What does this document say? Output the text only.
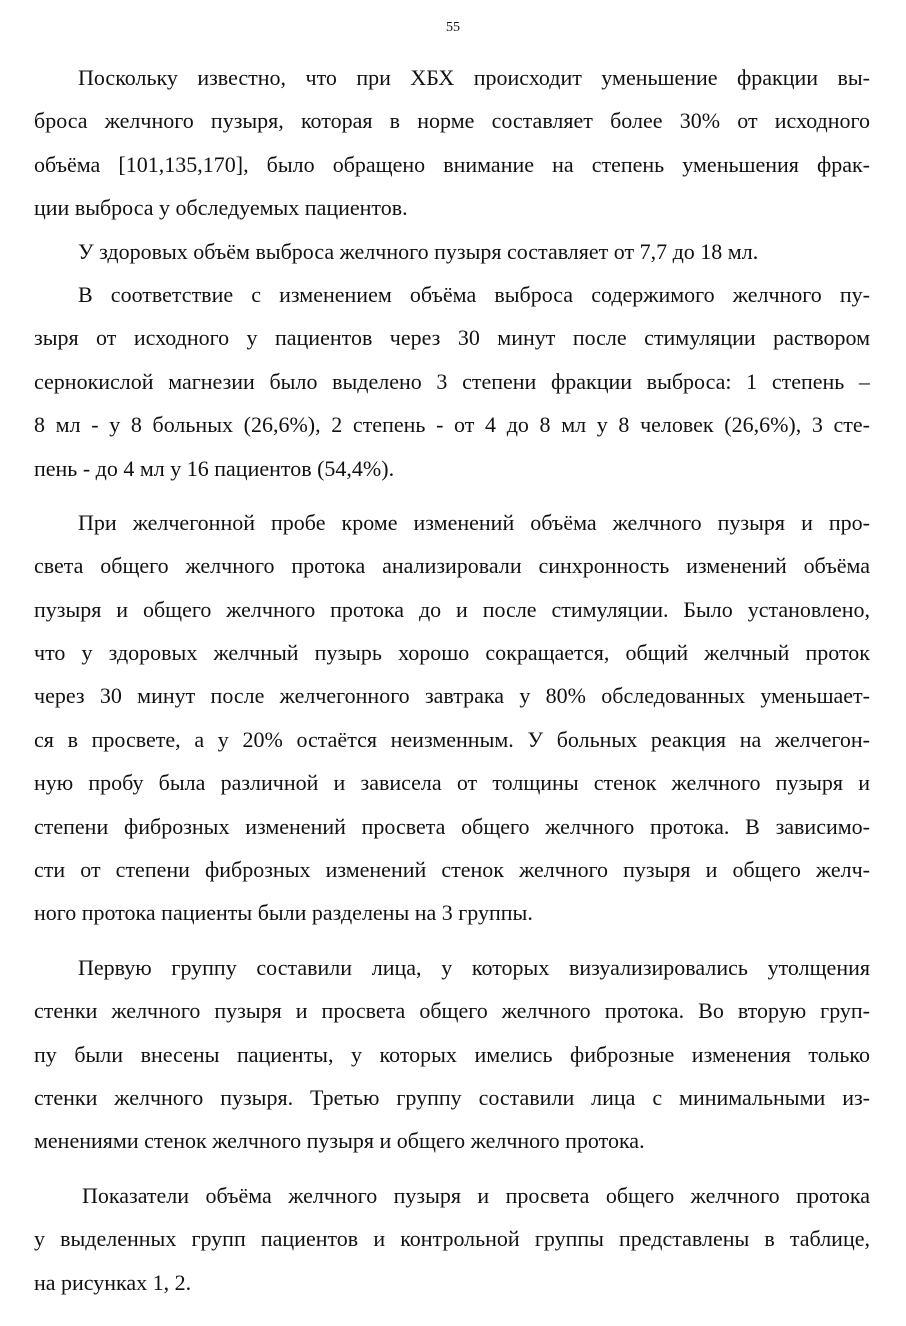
55
Поскольку известно, что при ХБХ происходит уменьшение фракции вы-
броса желчного пузыря, которая в норме составляет более 30% от исходного
объёма [101,135,170], было обращено внимание на степень уменьшения фрак-
ции выброса у обследуемых пациентов.
У здоровых объём выброса желчного пузыря составляет от 7,7 до 18 мл.
В соответствие с изменением объёма выброса содержимого желчного пу-
зыря от исходного у пациентов через 30 минут после стимуляции раствором
сернокислой магнезии было выделено 3 степени фракции выброса: 1 степень –
8 мл - у 8 больных (26,6%), 2 степень - от 4 до 8 мл у 8 человек (26,6%), 3 сте-
пень - до 4 мл у 16 пациентов (54,4%).
При желчегонной пробе кроме изменений объёма желчного пузыря и про-
света общего желчного протока анализировали синхронность изменений объёма
пузыря и общего желчного протока до и после стимуляции. Было установлено,
что у здоровых желчный пузырь хорошо сокращается, общий желчный проток
через 30 минут после желчегонного завтрака у 80% обследованных уменьшает-
ся в просвете, а у 20% остаётся неизменным. У больных реакция на желчегон-
ную пробу была различной и зависела от толщины стенок желчного пузыря и
степени фиброзных изменений просвета общего желчного протока. В зависимо-
сти от степени фиброзных изменений стенок желчного пузыря и общего желч-
ного протока пациенты были разделены на 3 группы.
Первую группу составили лица, у которых визуализировались утолщения
стенки желчного пузыря и просвета общего желчного протока. Во вторую груп-
пу были внесены пациенты, у которых имелись фиброзные изменения только
стенки желчного пузыря. Третью группу составили лица с минимальными из-
менениями стенок желчного пузыря и общего желчного протока.
Показатели объёма желчного пузыря и просвета общего желчного протока
у выделенных групп пациентов и контрольной группы представлены в таблице,
на рисунках 1, 2.
